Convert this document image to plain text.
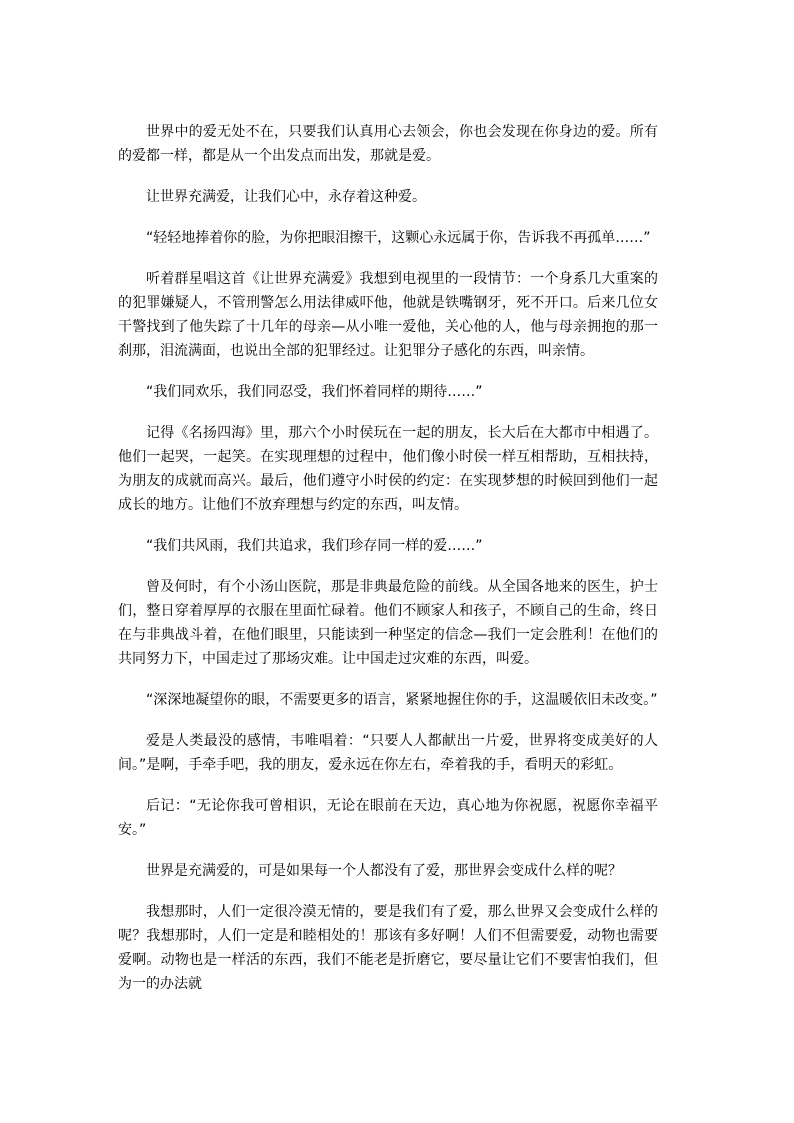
世界中的爱无处不在，只要我们认真用心去领会，你也会发现在你身边的爱。所有的爱都一样，都是从一个出发点而出发，那就是爱。

让世界充满爱，让我们心中，永存着这种爱。

“轻轻地捧着你的脸，为你把眼泪擦干，这颗心永远属于你，告诉我不再孤单……”

听着群星唱这首《让世界充满爱》我想到电视里的一段情节：一个身系几大重案的的犯罪嫌疑人，不管刑警怎么用法律威吓他，他就是铁嘴钢牙，死不开口。后来几位女干警找到了他失踪了十几年的母亲—从小唯一爱他，关心他的人，他与母亲拥抱的那一刹那，泪流满面，也说出全部的犯罪经过。让犯罪分子感化的东西，叫亲情。

“我们同欢乐，我们同忍受，我们怀着同样的期待……”

记得《名扬四海》里，那六个小时侯玩在一起的朋友，长大后在大都市中相遇了。他们一起哭，一起笑。在实现理想的过程中，他们像小时侯一样互相帮助，互相扶持，为朋友的成就而高兴。最后，他们遵守小时侯的约定：在实现梦想的时候回到他们一起成长的地方。让他们不放弃理想与约定的东西，叫友情。

“我们共风雨，我们共追求，我们珍存同一样的爱……”

曾及何时，有个小汤山医院，那是非典最危险的前线。从全国各地来的医生，护士们，整日穿着厚厚的衣服在里面忙碌着。他们不顾家人和孩子，不顾自己的生命，终日在与非典战斗着，在他们眼里，只能读到一种坚定的信念—我们一定会胜利！在他们的共同努力下，中国走过了那场灾难。让中国走过灾难的东西，叫爱。

“深深地凝望你的眼，不需要更多的语言，紧紧地握住你的手，这温暖依旧未改变。”

爱是人类最没的感情，韦唯唱着：“只要人人都献出一片爱，世界将变成美好的人间。”是啊，手牵手吧，我的朋友，爱永远在你左右，牵着我的手，看明天的彩虹。

后记：“无论你我可曾相识，无论在眼前在天边，真心地为你祝愿，祝愿你幸福平安。”

世界是充满爱的，可是如果每一个人都没有了爱，那世界会变成什么样的呢？

我想那时，人们一定很冷漠无情的，要是我们有了爱，那么世界又会变成什么样的呢？我想那时，人们一定是和睦相处的！那该有多好啊！人们不但需要爱，动物也需要爱啊。动物也是一样活的东西，我们不能老是折磨它，要尽量让它们不要害怕我们，但为一的办法就
